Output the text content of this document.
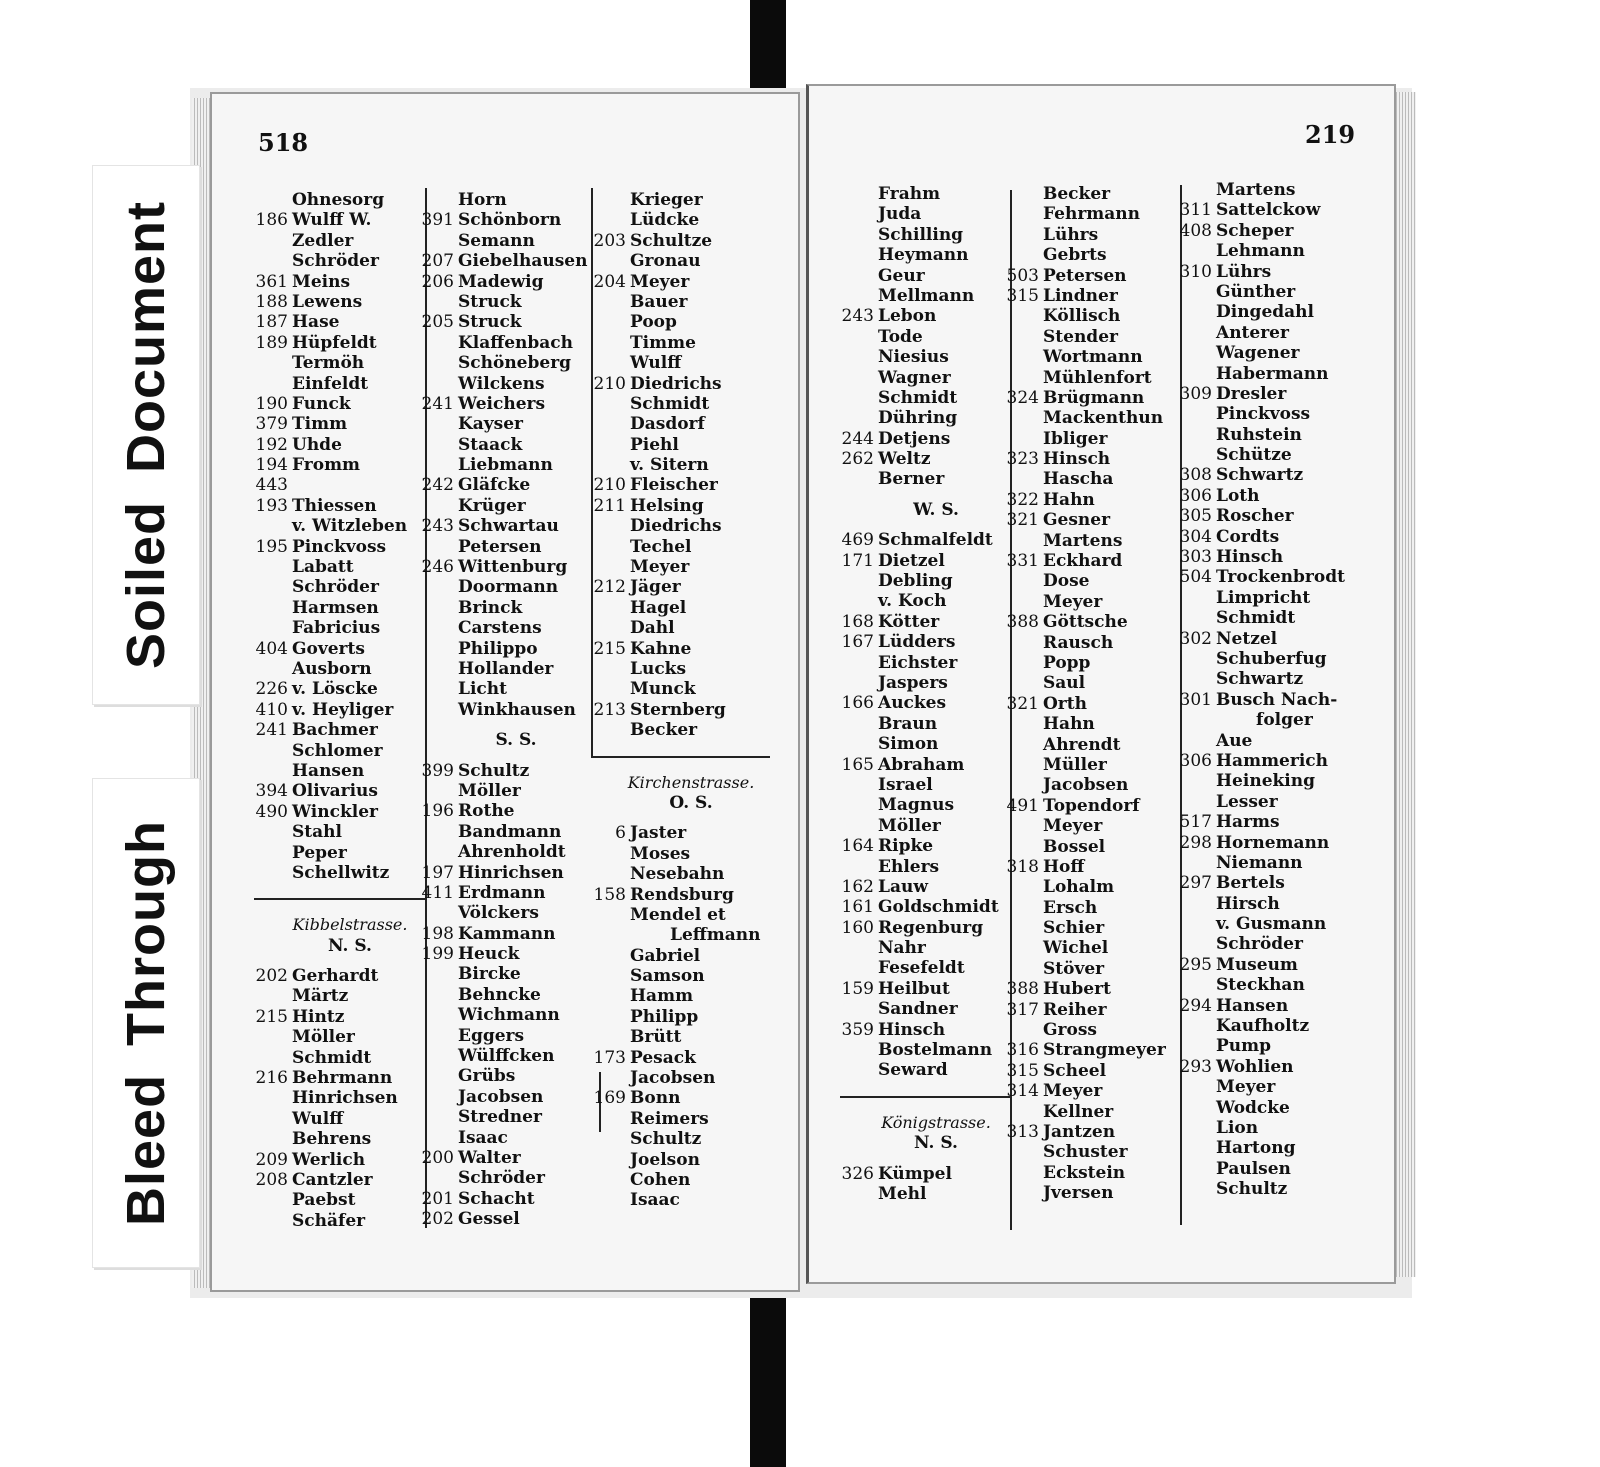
SoiledDocument
BleedThrough
518	219
Ohnesorg
186 Wulff W.
Zedler
Schröder
361 Meins
188 Lewens
187 Hase
189 Hüpfeldt
Termöh
Einfeldt
190 Funck
379 Timm
192 Uhde
194 Fromm
443
193 Thiessen
v. Witzleben
195 Pinckvoss
Labatt
Schröder
Harmsen
Fabricius
404 Goverts
Ausborn
226 v. Löscke
410 v. Heyliger
241 Bachmer
Schlomer
Hansen
394 Olivarius
490 Winckler
Stahl
Peper
Schellwitz
Kibbelstrasse.
N. S.
202 Gerhardt
Märtz
215 Hintz
Möller
Schmidt
216 Behrmann
Hinrichsen
Wulff
Behrens
209 Werlich
208 Cantzler
Paebst
Schäfer
Horn
391 Schönborn
Semann
207 Giebelhausen
206 Madewig
Struck
205 Struck
Klaffenbach
Schöneberg
Wilckens
241 Weichers
Kayser
Staack
Liebmann
242 Gläfcke
Krüger
243 Schwartau
Petersen
246 Wittenburg
Doormann
Brinck
Carstens
Philippo
Hollander
Licht
Winkhausen
S. S.
399 Schultz
Möller
196 Rothe
Bandmann
Ahrenholdt
197 Hinrichsen
411 Erdmann
Völckers
198 Kammann
199 Heuck
Bircke
Behncke
Wichmann
Eggers
Wülffcken
Grübs
Jacobsen
Stredner
Isaac
200 Walter
Schröder
201 Schacht
202 Gessel
Krieger
Lüdcke
203 Schultze
Gronau
204 Meyer
Bauer
Poop
Timme
Wulff
210 Diedrichs
Schmidt
Dasdorf
Piehl
v. Sitern
210 Fleischer
211 Helsing
Diedrichs
Techel
Meyer
212 Jäger
Hagel
Dahl
215 Kahne
Lucks
Munck
213 Sternberg
Becker
Kirchenstrasse.
O. S.
6 Jaster
Moses
Nesebahn
158 Rendsburg
Mendel et
Leffmann
Gabriel
Samson
Hamm
Philipp
Brütt
173 Pesack
Jacobsen
169 Bonn
Reimers
Schultz
Joelson
Cohen
Isaac
Frahm
Juda
Schilling
Heymann
Geur
Mellmann
243 Lebon
Tode
Niesius
Wagner
Schmidt
Dühring
244 Detjens
262 Weltz
Berner
W. S.
469 Schmalfeldt
171 Dietzel
Debling
v. Koch
168 Kötter
167 Lüdders
Eichster
Jaspers
166 Auckes
Braun
Simon
165 Abraham
Israel
Magnus
Möller
164 Ripke
Ehlers
162 Lauw
161 Goldschmidt
160 Regenburg
Nahr
Fesefeldt
159 Heilbut
Sandner
359 Hinsch
Bostelmann
Seward
Königstrasse.
N. S.
326 Kümpel
Mehl
Becker
Fehrmann
Lührs
Gebrts
503 Petersen
315 Lindner
Köllisch
Stender
Wortmann
Mühlenfort
324 Brügmann
Mackenthun
Ibliger
323 Hinsch
Hascha
322 Hahn
321 Gesner
Martens
331 Eckhard
Dose
Meyer
388 Göttsche
Rausch
Popp
Saul
321 Orth
Hahn
Ahrendt
Müller
Jacobsen
491 Topendorf
Meyer
Bossel
318 Hoff
Lohalm
Ersch
Schier
Wichel
Stöver
388 Hubert
317 Reiher
Gross
316 Strangmeyer
315 Scheel
314 Meyer
Kellner
313 Jantzen
Schuster
Eckstein
Jversen
Martens
311 Sattelckow
408 Scheper
Lehmann
310 Lührs
Günther
Dingedahl
Anterer
Wagener
Habermann
309 Dresler
Pinckvoss
Ruhstein
Schütze
308 Schwartz
306 Loth
305 Roscher
304 Cordts
303 Hinsch
504 Trockenbrodt
Limpricht
Schmidt
302 Netzel
Schuberfug
Schwartz
301 Busch Nach-
folger
Aue
306 Hammerich
Heineking
Lesser
517 Harms
298 Hornemann
Niemann
297 Bertels
Hirsch
v. Gusmann
Schröder
295 Museum
Steckhan
294 Hansen
Kaufholtz
Pump
293 Wohlien
Meyer
Wodcke
Lion
Hartong
Paulsen
Schultz
